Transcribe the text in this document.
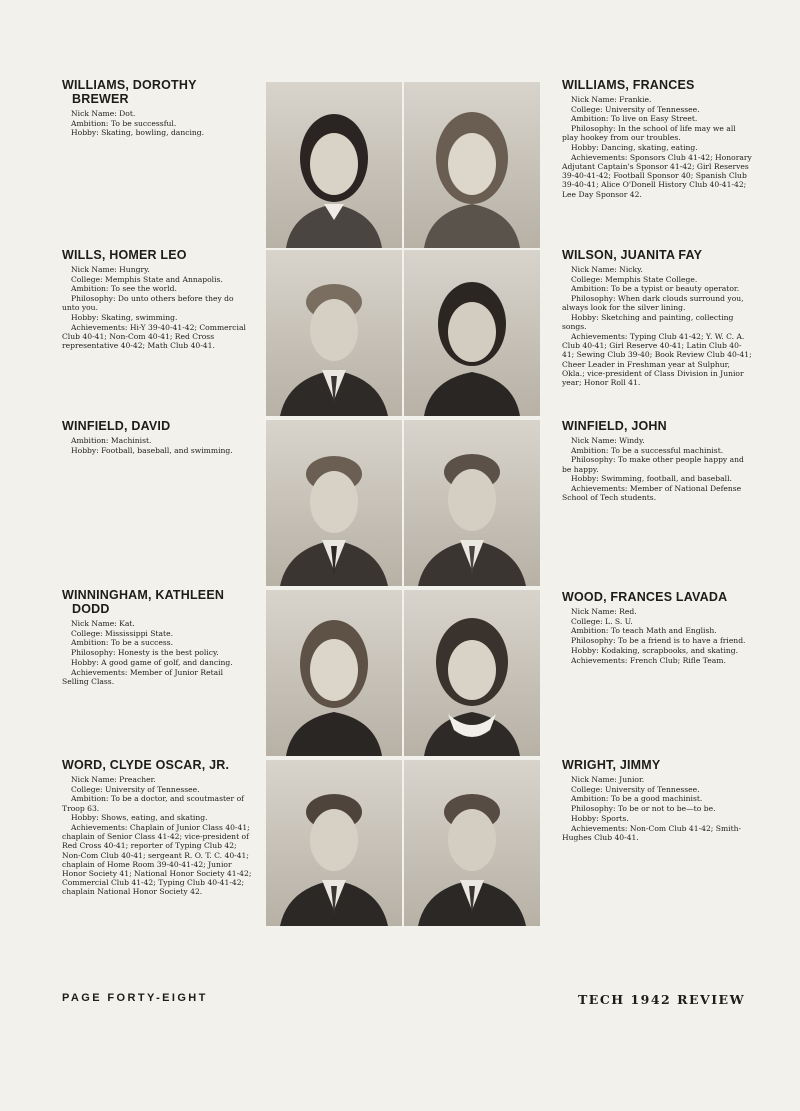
WILLIAMS, DOROTHY
BREWER

Nick Name: Dot.

Ambition: To be successful.

Hobby: Skating, bowling, dancing.

WILLIAMS, FRANCES

Nick Name: Frankie.

College: University of Tennessee.

Ambition: To live on Easy Street.

Philosophy: In the school of life may we all play hookey from our troubles.

Hobby: Dancing, skating, eating.

Achievements: Sponsors Club 41-42; Honorary Adjutant Captain's Sponsor 41-42; Girl Reserves 39-40-41-42; Football Sponsor 40; Spanish Club 39-40-41; Alice O'Donell History Club 40-41-42; Lee Day Sponsor 42.

WILLS, HOMER LEO

Nick Name: Hungry.

College: Memphis State and Annapolis.

Ambition: To see the world.

Philosophy: Do unto others before they do unto you.

Hobby: Skating, swimming.

Achievements: Hi-Y 39-40-41-42; Commercial Club 40-41; Non-Com 40-41; Red Cross representative 40-42; Math Club 40-41.

WILSON, JUANITA FAY

Nick Name: Nicky.

College: Memphis State College.

Ambition: To be a typist or beauty operator.

Philosophy: When dark clouds surround you, always look for the silver lining.

Hobby: Sketching and painting, collecting songs.

Achievements: Typing Club 41-42; Y. W. C. A. Club 40-41; Girl Reserve 40-41; Latin Club 40-41; Sewing Club 39-40; Book Review Club 40-41; Cheer Leader in Freshman year at Sulphur, Okla.; vice-president of Class Division in Junior year; Honor Roll 41.

WINFIELD, DAVID

Ambition: Machinist.

Hobby: Football, baseball, and swimming.

WINFIELD, JOHN

Nick Name: Windy.

Ambition: To be a successful machinist.

Philosophy: To make other people happy and be happy.

Hobby: Swimming, football, and baseball.

Achievements: Member of National Defense School of Tech students.

WINNINGHAM, KATHLEEN
DODD

Nick Name: Kat.

College: Mississippi State.

Ambition: To be a success.

Philosophy: Honesty is the best policy.

Hobby: A good game of golf, and dancing.

Achievements: Member of Junior Retail Selling Class.

WOOD, FRANCES LAVADA

Nick Name: Red.

College: L. S. U.

Ambition: To teach Math and English.

Philosophy: To be a friend is to have a friend.

Hobby: Kodaking, scrapbooks, and skating.

Achievements: French Club; Rifle Team.

WORD, CLYDE OSCAR, JR.

Nick Name: Preacher.

College: University of Tennessee.

Ambition: To be a doctor, and scoutmaster of Troop 63.

Hobby: Shows, eating, and skating.

Achievements: Chaplain of Junior Class 40-41; chaplain of Senior Class 41-42; vice-president of Red Cross 40-41; reporter of Typing Club 42; Non-Com Club 40-41; sergeant R. O. T. C. 40-41; chaplain of Home Room 39-40-41-42; Junior Honor Society 41; National Honor Society 41-42; Commercial Club 41-42; Typing Club 40-41-42; chaplain National Honor Society 42.

WRIGHT, JIMMY

Nick Name: Junior.

College: University of Tennessee.

Ambition: To be a good machinist.

Philosophy: To be or not to be—to be.

Hobby: Sports.

Achievements: Non-Com Club 41-42; Smith-Hughes Club 40-41.

PAGE FORTY-EIGHT	TECH 1942 REVIEW
